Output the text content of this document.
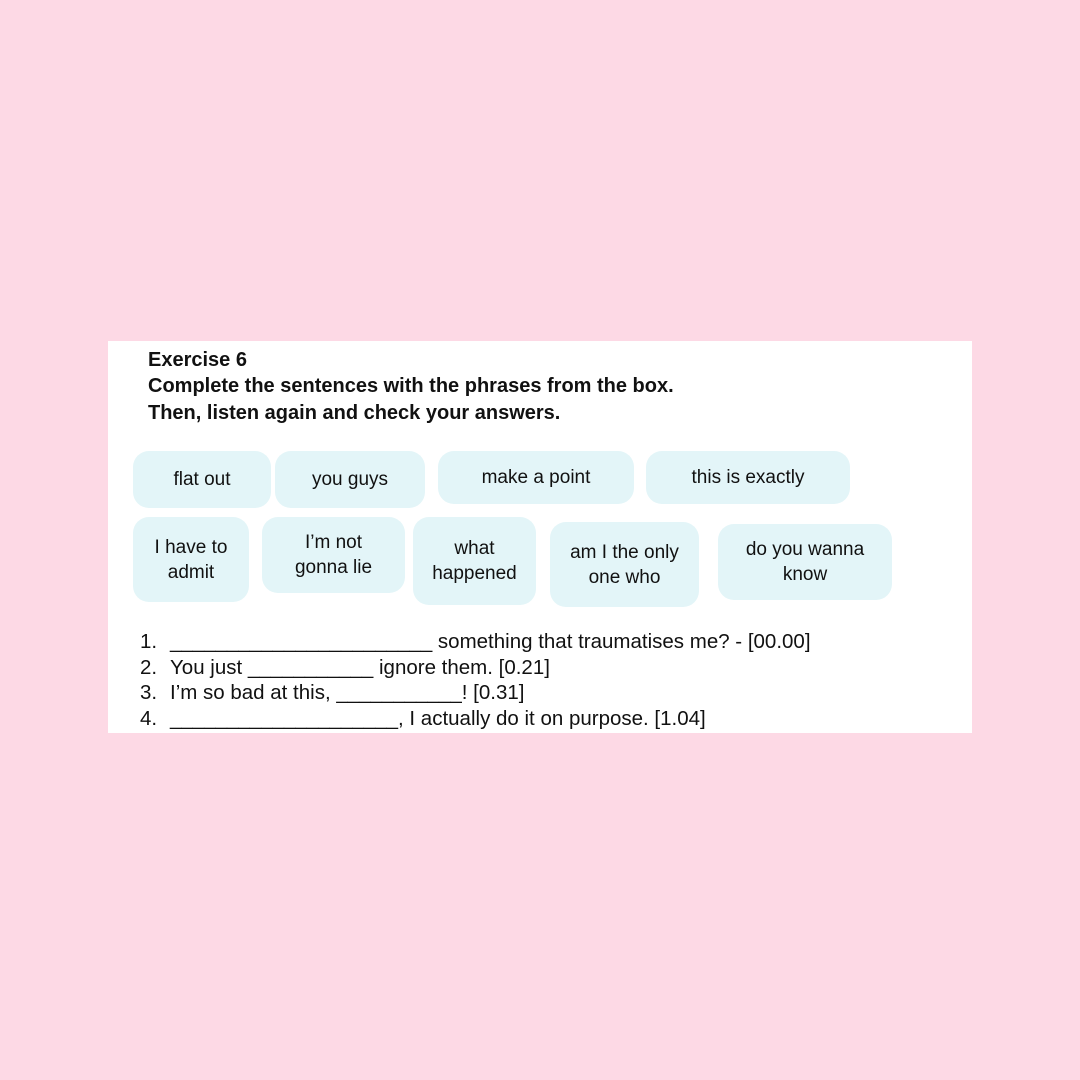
Exercise 6
Complete the sentences with the phrases from the box.
Then, listen again and check your answers.
flat out	you guys	make a point	this is exactly
I have to
admit
I’m not
gonna lie
what
happened
am I the only
one who
do you wanna
know
1. _______________________ something that traumatises me? - [00.00]
2. You just ___________ ignore them. [0.21]
3. I’m so bad at this, ___________! [0.31]
4. ____________________, I actually do it on purpose. [1.04]
